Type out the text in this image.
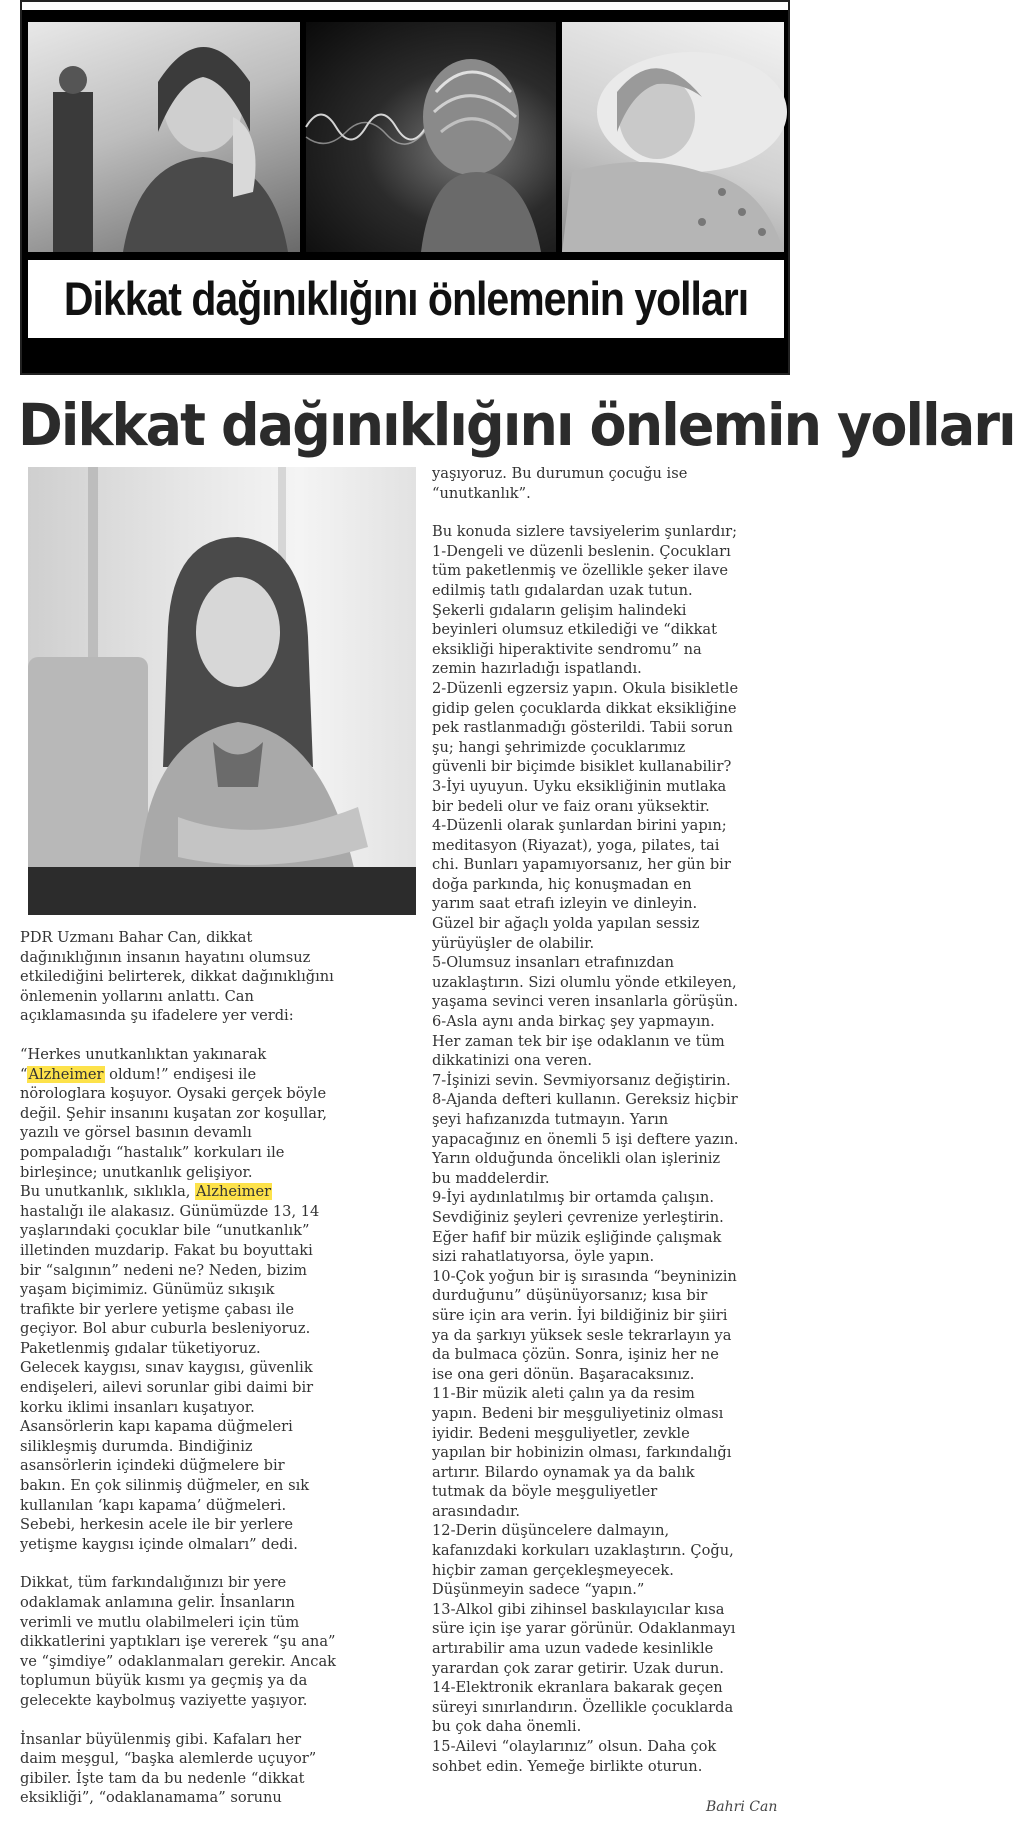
Dikkat dağınıklığını önlemenin yolları
Dikkat dağınıklığını önlemin yolları

PDR Uzmanı Bahar Can, dikkat

dağınıklığının insanın hayatını olumsuz

etkilediğini belirterek, dikkat dağınıklığını

önlemenin yollarını anlattı. Can

açıklamasında şu ifadelere yer verdi:

“Herkes unutkanlıktan yakınarak

“Alzheimer oldum!” endişesi ile

nörologlara koşuyor. Oysaki gerçek böyle

değil. Şehir insanını kuşatan zor koşullar,

yazılı ve görsel basının devamlı

pompaladığı “hastalık” korkuları ile

birleşince; unutkanlık gelişiyor.

Bu unutkanlık, sıklıkla, Alzheimer

hastalığı ile alakasız. Günümüzde 13, 14

yaşlarındaki çocuklar bile “unutkanlık”

illetinden muzdarip. Fakat bu boyuttaki

bir “salgının” nedeni ne? Neden, bizim

yaşam biçimimiz. Günümüz sıkışık

trafikte bir yerlere yetişme çabası ile

geçiyor. Bol abur cuburla besleniyoruz.

Paketlenmiş gıdalar tüketiyoruz.

Gelecek kaygısı, sınav kaygısı, güvenlik

endişeleri, ailevi sorunlar gibi daimi bir

korku iklimi insanları kuşatıyor.

Asansörlerin kapı kapama düğmeleri

silikleşmiş durumda. Bindiğiniz

asansörlerin içindeki düğmelere bir

bakın. En çok silinmiş düğmeler, en sık

kullanılan ‘kapı kapama’ düğmeleri.

Sebebi, herkesin acele ile bir yerlere

yetişme kaygısı içinde olmaları” dedi.

Dikkat, tüm farkındalığınızı bir yere

odaklamak anlamına gelir. İnsanların

verimli ve mutlu olabilmeleri için tüm

dikkatlerini yaptıkları işe vererek “şu ana”

ve “şimdiye” odaklanmaları gerekir. Ancak

toplumun büyük kısmı ya geçmiş ya da

gelecekte kaybolmuş vaziyette yaşıyor.

İnsanlar büyülenmiş gibi. Kafaları her

daim meşgul, “başka alemlerde uçuyor”

gibiler. İşte tam da bu nedenle “dikkat

eksikliği”, “odaklanamama” sorunu

yaşıyoruz. Bu durumun çocuğu ise

“unutkanlık”.

Bu konuda sizlere tavsiyelerim şunlardır;

1-Dengeli ve düzenli beslenin. Çocukları

tüm paketlenmiş ve özellikle şeker ilave

edilmiş tatlı gıdalardan uzak tutun.

Şekerli gıdaların gelişim halindeki

beyinleri olumsuz etkilediği ve “dikkat

eksikliği hiperaktivite sendromu” na

zemin hazırladığı ispatlandı.

2-Düzenli egzersiz yapın. Okula bisikletle

gidip gelen çocuklarda dikkat eksikliğine

pek rastlanmadığı gösterildi. Tabii sorun

şu; hangi şehrimizde çocuklarımız

güvenli bir biçimde bisiklet kullanabilir?

3-İyi uyuyun. Uyku eksikliğinin mutlaka

bir bedeli olur ve faiz oranı yüksektir.

4-Düzenli olarak şunlardan birini yapın;

meditasyon (Riyazat), yoga, pilates, tai

chi. Bunları yapamıyorsanız, her gün bir

doğa parkında, hiç konuşmadan en

yarım saat etrafı izleyin ve dinleyin.

Güzel bir ağaçlı yolda yapılan sessiz

yürüyüşler de olabilir.

5-Olumsuz insanları etrafınızdan

uzaklaştırın. Sizi olumlu yönde etkileyen,

yaşama sevinci veren insanlarla görüşün.

6-Asla aynı anda birkaç şey yapmayın.

Her zaman tek bir işe odaklanın ve tüm

dikkatinizi ona veren.

7-İşinizi sevin. Sevmiyorsanız değiştirin.

8-Ajanda defteri kullanın. Gereksiz hiçbir

şeyi hafızanızda tutmayın. Yarın

yapacağınız en önemli 5 işi deftere yazın.

Yarın olduğunda öncelikli olan işleriniz

bu maddelerdir.

9-İyi aydınlatılmış bir ortamda çalışın.

Sevdiğiniz şeyleri çevrenize yerleştirin.

Eğer hafif bir müzik eşliğinde çalışmak

sizi rahatlatıyorsa, öyle yapın.

10-Çok yoğun bir iş sırasında “beyninizin

durduğunu” düşünüyorsanız; kısa bir

süre için ara verin. İyi bildiğiniz bir şiiri

ya da şarkıyı yüksek sesle tekrarlayın ya

da bulmaca çözün. Sonra, işiniz her ne

ise ona geri dönün. Başaracaksınız.

11-Bir müzik aleti çalın ya da resim

yapın. Bedeni bir meşguliyetiniz olması

iyidir. Bedeni meşguliyetler, zevkle

yapılan bir hobinizin olması, farkındalığı

artırır. Bilardo oynamak ya da balık

tutmak da böyle meşguliyetler

arasındadır.

12-Derin düşüncelere dalmayın,

kafanızdaki korkuları uzaklaştırın. Çoğu,

hiçbir zaman gerçekleşmeyecek.

Düşünmeyin sadece “yapın.”

13-Alkol gibi zihinsel baskılayıcılar kısa

süre için işe yarar görünür. Odaklanmayı

artırabilir ama uzun vadede kesinlikle

yarardan çok zarar getirir. Uzak durun.

14-Elektronik ekranlara bakarak geçen

süreyi sınırlandırın. Özellikle çocuklarda

bu çok daha önemli.

15-Ailevi “olaylarınız” olsun. Daha çok

sohbet edin. Yemeğe birlikte oturun.

Bahri Can
